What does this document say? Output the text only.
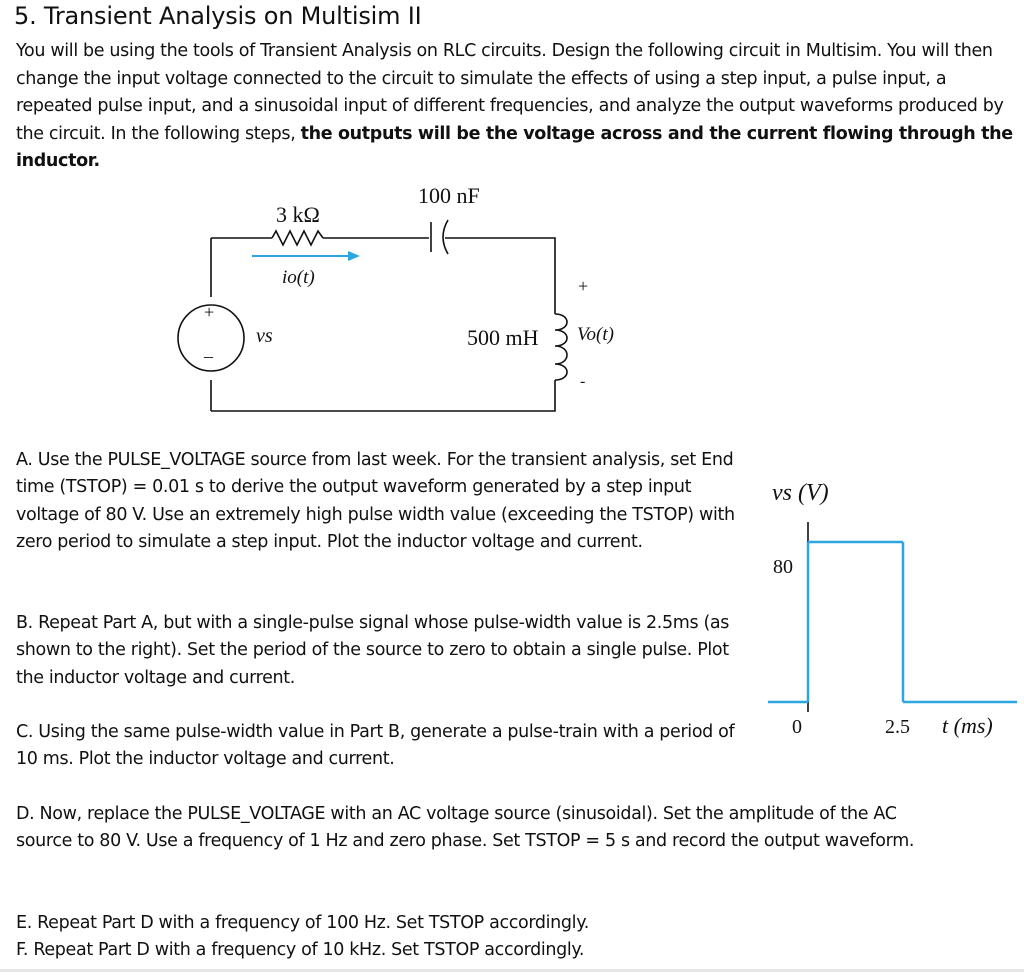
5. Transient Analysis on Multisim II

You will be using the tools of Transient Analysis on RLC circuits. Design the following circuit in Multisim. You will then change the input voltage connected to the circuit to simulate the effects of using a step input, a pulse input, a repeated pulse input, and a sinusoidal input of different frequencies, and analyze the output waveforms produced by the circuit. In the following steps, the outputs will be the voltage across and the current flowing through the inductor.

100 nF
3 kΩ
io(t)
+
–
vs	500 mH
+
Vo(t)
-

A. Use the PULSE_VOLTAGE source from last week. For the transient analysis, set End time (TSTOP) = 0.01 s to derive the output waveform generated by a step input voltage of 80 V. Use an extremely high pulse width value (exceeding the TSTOP) with zero period to simulate a step input. Plot the inductor voltage and current.

B. Repeat Part A, but with a single-pulse signal whose pulse-width value is 2.5ms (as shown to the right). Set the period of the source to zero to obtain a single pulse. Plot the inductor voltage and current.

C. Using the same pulse-width value in Part B, generate a pulse-train with a period of 10 ms. Plot the inductor voltage and current.

D. Now, replace the PULSE_VOLTAGE with an AC voltage source (sinusoidal). Set the amplitude of the AC source to 80 V. Use a frequency of 1 Hz and zero phase. Set TSTOP = 5 s and record the output waveform.

E. Repeat Part D with a frequency of 100 Hz. Set TSTOP accordingly.

F. Repeat Part D with a frequency of 10 kHz. Set TSTOP accordingly.

vs (V)
80
0	2.5 t (ms)
